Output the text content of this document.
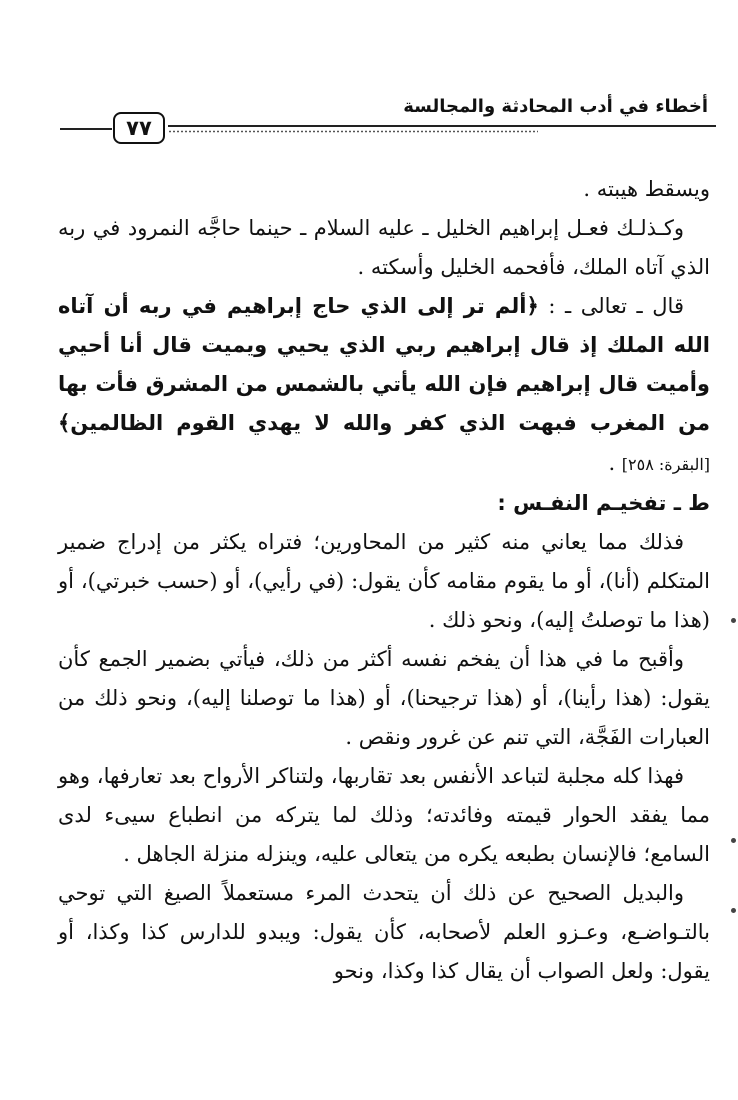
أخطاء في أدب المحادثة والمجالسة
٧٧

ويسقط هيبته .

وكـذلـك فعـل إبراهيم الخليل ـ عليه السلام ـ حينما حاجَّه النمرود في ربه الذي آتاه الملك، فأفحمه الخليل وأسكته .

قال ـ تعالى ـ : ﴿ألم تر إلى الذي حاج إبراهيم في ربه أن آتاه الله الملك إذ قال إبراهيم ربي الذي يحيي ويميت قال أنا أحيي وأميت قال إبراهيم فإن الله يأتي بالشمس من المشرق فأت بها من المغرب فبهت الذي كفر والله لا يهدي القوم الظالمين﴾ [البقرة: ٢٥٨] .

ط ـ تفخيـم النفـس :

فذلك مما يعاني منه كثير من المحاورين؛ فتراه يكثر من إدراج ضمير المتكلم (أنا)، أو ما يقوم مقامه كأن يقول: (في رأيي)، أو (حسب خبرتي)، أو (هذا ما توصلتُ إليه)، ونحو ذلك .

وأقبح ما في هذا أن يفخم نفسه أكثر من ذلك، فيأتي بضمير الجمع كأن يقول: (هذا رأينا)، أو (هذا ترجيحنا)، أو (هذا ما توصلنا إليه)، ونحو ذلك من العبارات الفَجَّة، التي تنم عن غرور ونقص .

فهذا كله مجلبة لتباعد الأنفس بعد تقاربها، ولتناكر الأرواح بعد تعارفها، وهو مما يفقد الحوار قيمته وفائدته؛ وذلك لما يتركه من انطباع سيىء لدى السامع؛ فالإنسان بطبعه يكره من يتعالى عليه، وينزله منزلة الجاهل .

والبديل الصحيح عن ذلك أن يتحدث المرء مستعملاً الصيغ التي توحي بالتـواضـع، وعـزو العلم لأصحابه، كأن يقول: ويبدو للدارس كذا وكذا، أو يقول: ولعل الصواب أن يقال كذا وكذا، ونحو
